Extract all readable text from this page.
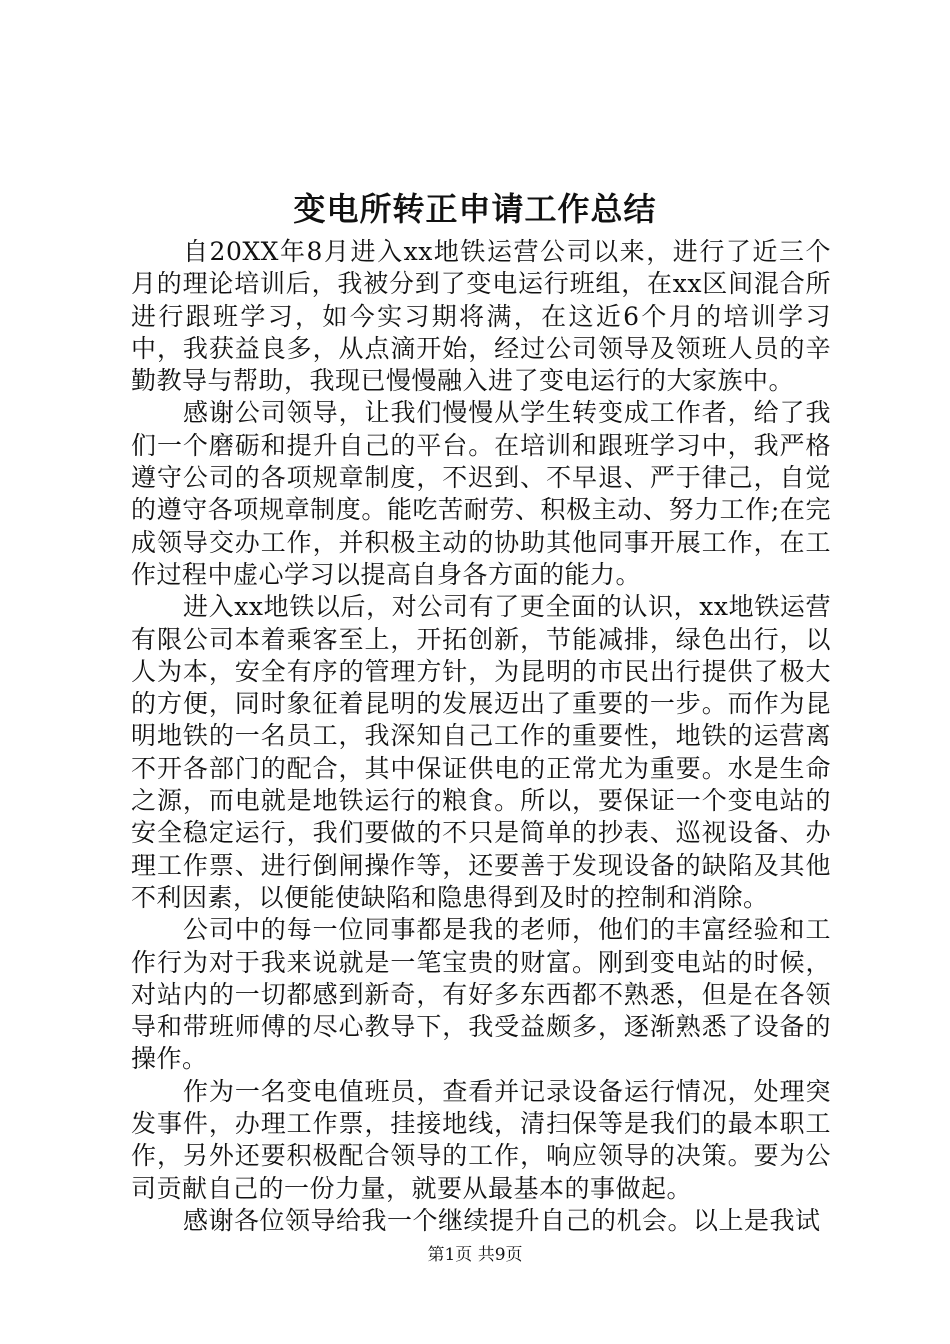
变电所转正申请工作总结

自20XX年8月进入xx地铁运营公司以来，进行了近三个月的理论培训后，我被分到了变电运行班组，在xx区间混合所进行跟班学习，如今实习期将满，在这近6个月的培训学习中，我获益良多，从点滴开始，经过公司领导及领班人员的辛勤教导与帮助，我现已慢慢融入进了变电运行的大家族中。

感谢公司领导，让我们慢慢从学生转变成工作者，给了我们一个磨砺和提升自己的平台。在培训和跟班学习中，我严格遵守公司的各项规章制度，不迟到、不早退、严于律己，自觉的遵守各项规章制度。能吃苦耐劳、积极主动、努力工作;在完成领导交办工作，并积极主动的协助其他同事开展工作，在工作过程中虚心学习以提高自身各方面的能力。

进入xx地铁以后，对公司有了更全面的认识，xx地铁运营有限公司本着乘客至上，开拓创新，节能减排，绿色出行，以人为本，安全有序的管理方针，为昆明的市民出行提供了极大的方便，同时象征着昆明的发展迈出了重要的一步。而作为昆明地铁的一名员工，我深知自己工作的重要性，地铁的运营离不开各部门的配合，其中保证供电的正常尤为重要。水是生命之源，而电就是地铁运行的粮食。所以，要保证一个变电站的安全稳定运行，我们要做的不只是简单的抄表、巡视设备、办理工作票、进行倒闸操作等，还要善于发现设备的缺陷及其他不利因素，以便能使缺陷和隐患得到及时的控制和消除。

公司中的每一位同事都是我的老师，他们的丰富经验和工作行为对于我来说就是一笔宝贵的财富。刚到变电站的时候，对站内的一切都感到新奇，有好多东西都不熟悉，但是在各领导和带班师傅的尽心教导下，我受益颇多，逐渐熟悉了设备的操作。

作为一名变电值班员，查看并记录设备运行情况，处理突发事件，办理工作票，挂接地线，清扫保等是我们的最本职工作，另外还要积极配合领导的工作，响应领导的决策。要为公司贡献自己的一份力量，就要从最基本的事做起。

感谢各位领导给我一个继续提升自己的机会。以上是我试

第1页 共9页
